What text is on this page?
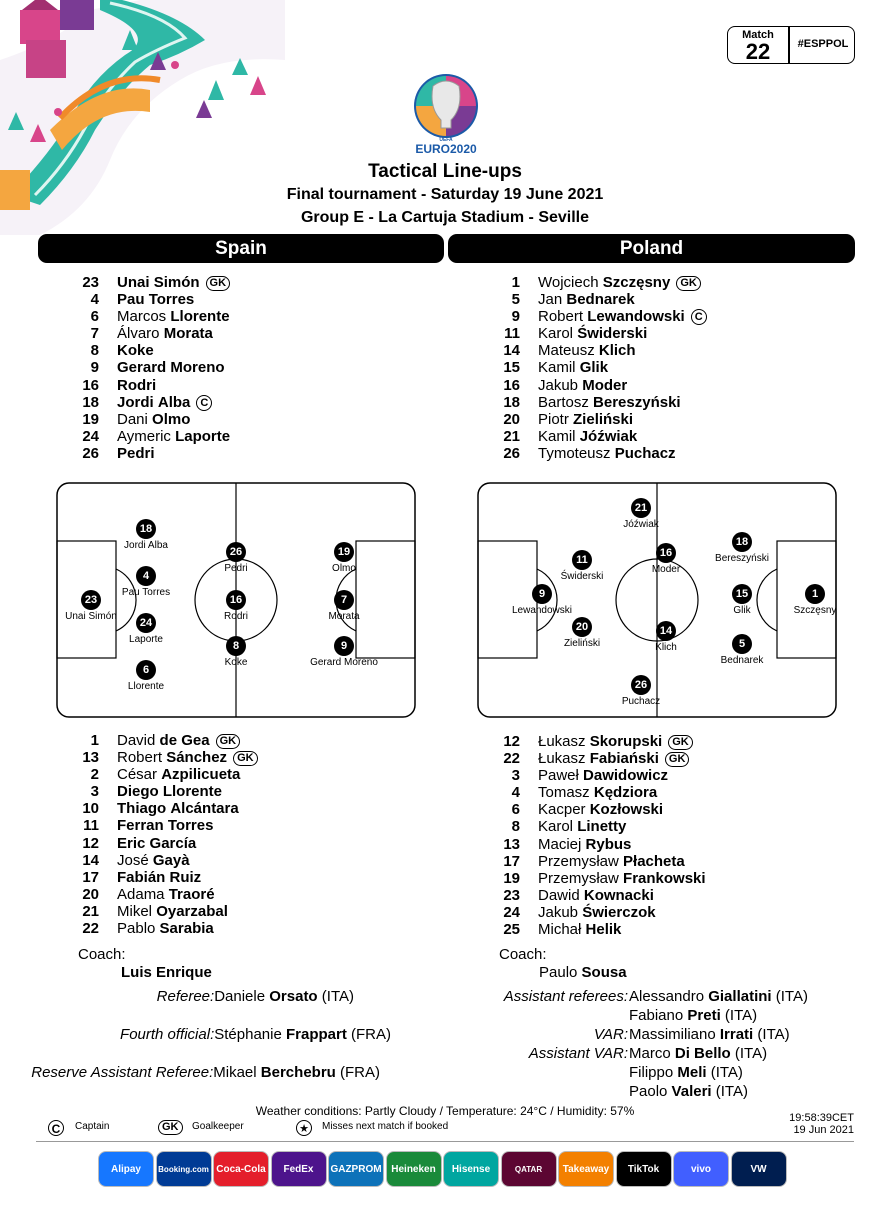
Match
22	#ESPPOL
UEFA
EURO2020
Tactical Line-ups
Final tournament - Saturday 19 June 2021
Group E - La Cartuja Stadium - Seville
Spain	Poland
23 Unai Simón GK
4 Pau Torres
6 Marcos Llorente
7 Álvaro Morata
8 Koke
9 Gerard Moreno
16 Rodri
18 Jordi Alba C
19 Dani Olmo
24 Aymeric Laporte
26 Pedri
1 Wojciech Szczęsny GK
5 Jan Bednarek
9 Robert Lewandowski C
11 Karol Świderski
14 Mateusz Klich
15 Kamil Glik
16 Jakub Moder
18 Bartosz Bereszyński
20 Piotr Zieliński
21 Kamil Jóźwiak
26 Tymoteusz Puchacz
1 David de Gea GK
13 Robert Sánchez GK
2 César Azpilicueta
3 Diego Llorente
10 Thiago Alcántara
11 Ferran Torres
12 Eric García
14 José Gayà
17 Fabián Ruiz
20 Adama Traoré
21 Mikel Oyarzabal
22 Pablo Sarabia
12 Łukasz Skorupski GK
22 Łukasz Fabiański GK
3 Paweł Dawidowicz
4 Tomasz Kędziora
6 Kacper Kozłowski
8 Karol Linetty
13 Maciej Rybus
17 Przemysław Płacheta
19 Przemysław Frankowski
23 Dawid Kownacki
24 Jakub Świerczok
25 Michał Helik
23
Unai Simón
18
Jordi Alba
4
Pau Torres
24
Laporte
6
Llorente
26
Pedri
16
Rodri
8
Koke
19
Olmo
7
Morata
9
Gerard Moreno
21
Jóźwiak
11
Świderski
9
Lewandowski
20
Zieliński
16
Moder
14
Klich
26
Puchacz
18
Bereszyński
15
Glik
5
Bednarek
1
Szczęsny
Coach:
Luis Enrique
Coach:
Paulo Sousa
Referee:Daniele Orsato (ITA)
Fourth official:Stéphanie Frappart (FRA)
Reserve Assistant Referee:Mikael Berchebru (FRA)
Assistant referees: Alessandro Giallatini (ITA)
Fabiano Preti (ITA)
VAR: Massimiliano Irrati (ITA)
Assistant VAR: Marco Di Bello (ITA)
Filippo Meli (ITA)
Paolo Valeri (ITA)
Weather conditions: Partly Cloudy / Temperature: 24°C / Humidity: 57%	19:58:39CET
19 Jun 2021
C	Captain	GK	Goalkeeper	★	Misses next match if booked
Alipay	Booking.com Coca-Cola	FedEx	GAZPROM Heineken	Hisense	QATAR AIRWAYS
Takeaway	TikTok	vivo	VW
